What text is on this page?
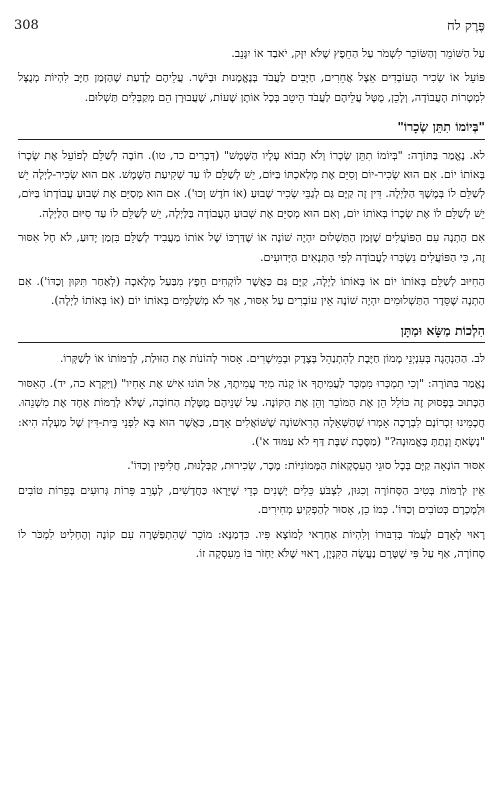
308	פֶּרֶק לח

עַל הַשּׁוֹמֵר וְהַשּׂוֹכֵר לִשְׁמֹר עַל הַחֵפֶץ שֶׁלֹּא יִזָּק, יֹאבַד אוֹ יִגָּנֵב.

פּוֹעֵל אוֹ שְׂכִיר הָעוֹבְדִים אֵצֶל אֲחֵרִים, חַיָּבִים לַעֲבֹד בְּנֶאֱמָנוּת וּבְיֹשֶׁר. עֲלֵיהֶם לָדַעַת שֶׁהַזְּמַן חַיָּב לִהְיוֹת מְנֻצָּל לִמְטָרוֹת הָעֲבוֹדָה, וְלָכֵן, מֻטָּל עֲלֵיהֶם לַעֲבֹד הֵיטֵב בְּכָל אוֹתָן שָׁעוֹת, שֶׁעֲבוּרָן הֵם מְקַבְּלִים תַּשְׁלוּם.

"בְּיוֹמוֹ תִתֵּן שְׂכָרוֹ"

לא. נֶאֱמַר בַּתּוֹרָה: "בְּיוֹמוֹ תִתֵּן שְׂכָרוֹ וְלֹא תָבוֹא עָלָיו הַשֶּׁמֶשׁ" (דְּבָרִים כד, טו). חוֹבָה לְשַׁלֵּם לְפוֹעֵל אֶת שְׂכָרוֹ בְּאוֹתוֹ יוֹם. אִם הוּא שְׂכִיר-יוֹם וְסִיֵּם אֶת מְלַאכְתּוֹ בַּיּוֹם, יֵשׁ לְשַׁלֵּם לוֹ עַד שְׁקִיעַת הַשֶּׁמֶשׁ. אִם הוּא שְׂכִיר-לַיְלָה יֵשׁ לְשַׁלֵּם לוֹ בְּמֶשֶׁךְ הַלַּיְלָה. דִּין זֶה קַיָּם גַּם לְגַבֵּי שְׂכִיר שָׁבוּעַ (אוֹ חֹדֶשׁ וְכוּ'). אִם הוּא מְסַיֵּם אֶת שְׁבוּעַ עֲבוֹדָתוֹ בַּיּוֹם, יֵשׁ לְשַׁלֵּם לוֹ אֶת שְׂכָרוֹ בְּאוֹתוֹ יוֹם, וְאִם הוּא מְסַיֵּם אֶת שְׁבוּעַ הָעֲבוֹדָה בַּלַּיְלָה, יֵשׁ לְשַׁלֵּם לוֹ עַד סִיּוּם הַלַּיְלָה.

אִם הַתְנָה עִם הַפּוֹעֲלִים שֶׁזְּמַן הַתַּשְׁלוּם יִהְיֶה שׁוֹנֶה אוֹ שֶׁדַּרְכּוֹ שֶׁל אוֹתוֹ מַעֲבִיד לְשַׁלֵּם בִּזְמַן יָדוּעַ, לֹא חָל אִסּוּר זֶה, כִּי הַפּוֹעֲלִים נִשְׂכְּרוּ לַעֲבוֹדָה לְפִי הַתְּנָאִים הַיְּדוּעִים.

הַחִיּוּב לְשַׁלֵּם בְּאוֹתוֹ יוֹם אוֹ בְּאוֹתוֹ לַיְלָה, קַיָּם גַּם כַּאֲשֶׁר לוֹקְחִים חֵפֶץ מִבַּעַל מְלָאכָה (לְאַחַר תִּקּוּן וְכַדּוֹ'). אִם הַתְנָה שֶׁסֵּדֶר הַתַּשְׁלוּמִים יִהְיֶה שׁוֹנֶה אֵין עוֹבְרִים עַל אִסּוּר, אַךְ לֹא מְשַׁלְּמִים בְּאוֹתוֹ יוֹם (אוֹ בְּאוֹתוֹ לַיְלָה).

הִלְכוֹת מַשָּׂא וּמַתָּן

לב. הַהַנְהָגָה בְּעִנְיְנֵי מָמוֹן חַיֶּבֶת לְהִתְנַהֵל בְּצֶדֶק וּבְמֵישָׁרִים. אָסוּר לְהוֹנוֹת אֶת הַזּוּלַת, לְרַמּוֹתוֹ אוֹ לְשַׁקְּרוֹ.

נֶאֱמַר בַּתּוֹרָה: "וְכִי תִמְכְּרוּ מִמְכָּר לַעֲמִיתֶךָ אוֹ קָנֹה מִיַּד עֲמִיתֶךָ, אַל תּוֹנוּ אִישׁ אֶת אָחִיו" (וַיִּקְרָא כה, יד). הָאִסּוּר הַכָּתוּב בְּפָסוּק זֶה כּוֹלֵל הֵן אֶת הַמּוֹכֵר וְהֵן אֶת הַקּוֹנֶה. עַל שְׁנֵיהֶם מֻטֶּלֶת הַחוֹבָה, שֶׁלֹּא לְרַמּוֹת אֶחָד אֶת מִשְׁנֵהוּ. חֲכָמֵינוּ זִכְרוֹנָם לִבְרָכָה אָמְרוּ שֶׁהַשְּׁאֵלָה הָרִאשׁוֹנָה שֶׁשּׁוֹאֲלִים אָדָם, כַּאֲשֶׁר הוּא בָּא לִפְנֵי בֵּית-דִּין שֶׁל מַעְלָה הִיא: "נָשָׂאתָ וְנָתַתָּ בֶּאֱמוּנָה?" (מַסֶּכֶת שַׁבָּת דַּף לא עַמּוּד א').

אִסּוּר הוֹנָאָה קַיָּם בְּכָל סוּגֵי הָעִסְקָאוֹת הַמָּמוֹנִיּוֹת: מֶכֶר, שְׂכִירוּת, קַבְּלָנוּת, חֲלִיפִין וְכַדּוֹ'.

אֵין לְרַמּוֹת בְּטִיב הַסְּחוֹרָה וְכִגּוּן, לִצְבֹּעַ כֵּלִים יְשָׁנִים כְּדֵי שֶׁיֵּרָאוּ כַּחֲדָשִׁים, לְעָרֵב פֵּרוֹת גְּרוּעִים בְּפֵרוֹת טוֹבִים וּלְמָכְרָם כְּטוֹבִים וְכַדּוֹ'. כְּמוֹ כֵן, אָסוּר לְהַפְקִיעַ מְחִירִים.

רָאוּי לָאָדָם לַעֲמֹד בְּדִבּוּרוֹ וְלִהְיוֹת אַחְרַאי לְמוֹצָא פִּיו. כִּדְמַנָּא: מוֹכֵר שֶׁהִתְפַּשְּׁרָה עִם קוֹנֶה וְהֶחְלִיט לִמְכֹּר לוֹ סְחוֹרָה, אַף עַל פִּי שֶׁטֶּרֶם נַעֲשָׂה הַקִּנְיָן, רָאוּי שֶׁלֹּא יַחְזֹר בּוֹ מֵעִסְקָה זוֹ.
